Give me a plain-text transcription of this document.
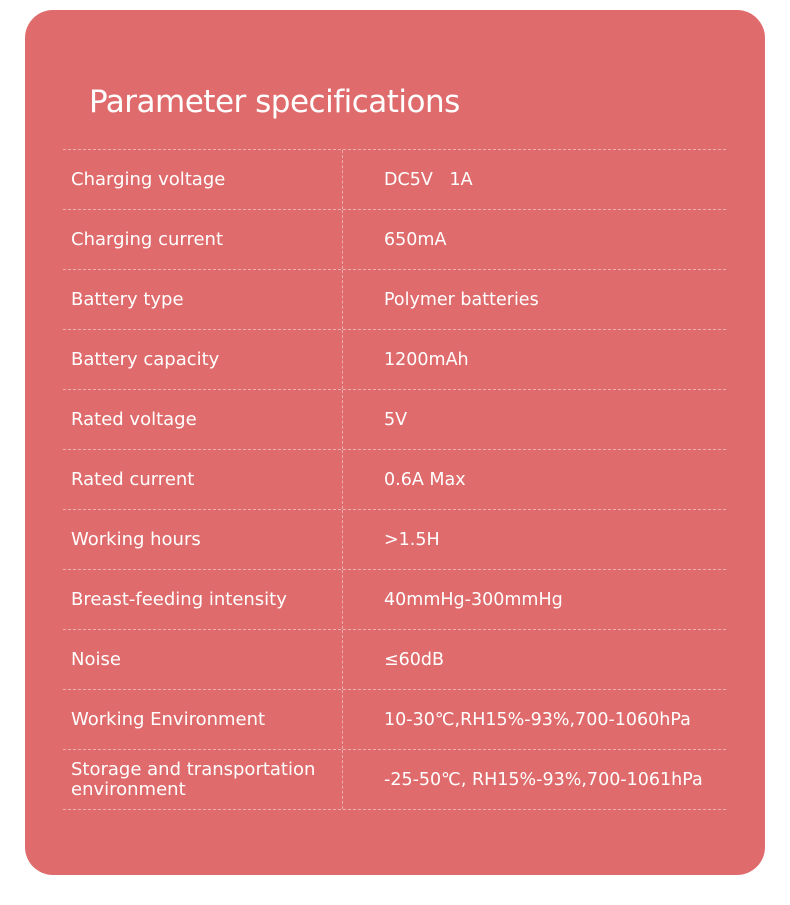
Parameter specifications
Charging voltage	DC5V   1A
Charging current	650mA
Battery type	Polymer batteries
Battery capacity	1200mAh
Rated voltage	5V
Rated current	0.6A Max
Working hours	>1.5H
Breast-feeding intensity	40mmHg-300mmHg
Noise	≤60dB
Working Environment	10-30℃,RH15%-93%,700-1060hPa
Storage and transportation environment	-25-50℃, RH15%-93%,700-1061hPa
